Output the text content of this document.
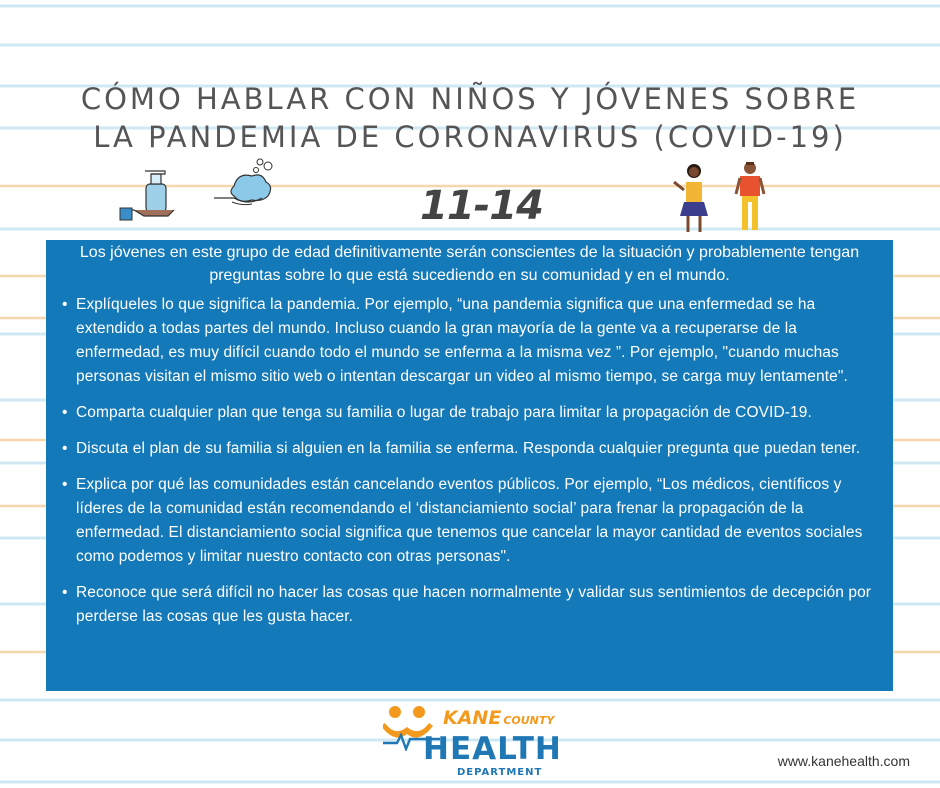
CÓMO HABLAR CON NIÑOS Y JÓVENES SOBRE
LA PANDEMIA DE CORONAVIRUS (COVID-19)
11-14

Los jóvenes en este grupo de edad definitivamente serán conscientes de la situación y probablemente tengan preguntas sobre lo que está sucediendo en su comunidad y en el mundo.

• Explíqueles lo que significa la pandemia. Por ejemplo, “una pandemia significa que una enfermedad se ha extendido a todas partes del mundo. Incluso cuando la gran mayoría de la gente va a recuperarse de la enfermedad, es muy difícil cuando todo el mundo se enferma a la misma vez ”. Por ejemplo, "cuando muchas personas visitan el mismo sitio web o intentan descargar un video al mismo tiempo, se carga muy lentamente".
• Comparta cualquier plan que tenga su familia o lugar de trabajo para limitar la propagación de COVID-19.
• Discuta el plan de su familia si alguien en la familia se enferma. Responda cualquier pregunta que puedan tener.
• Explica por qué las comunidades están cancelando eventos públicos. Por ejemplo, “Los médicos, científicos y líderes de la comunidad están recomendando el ‘distanciamiento social’ para frenar la propagación de la enfermedad. El distanciamiento social significa que tenemos que cancelar la mayor cantidad de eventos sociales como podemos y limitar nuestro contacto con otras personas".
• Reconoce que será difícil no hacer las cosas que hacen normalmente y validar sus sentimientos de decepción por perderse las cosas que les gusta hacer.
KANE COUNTY
HEALTH
DEPARTMENT
www.kanehealth.com
